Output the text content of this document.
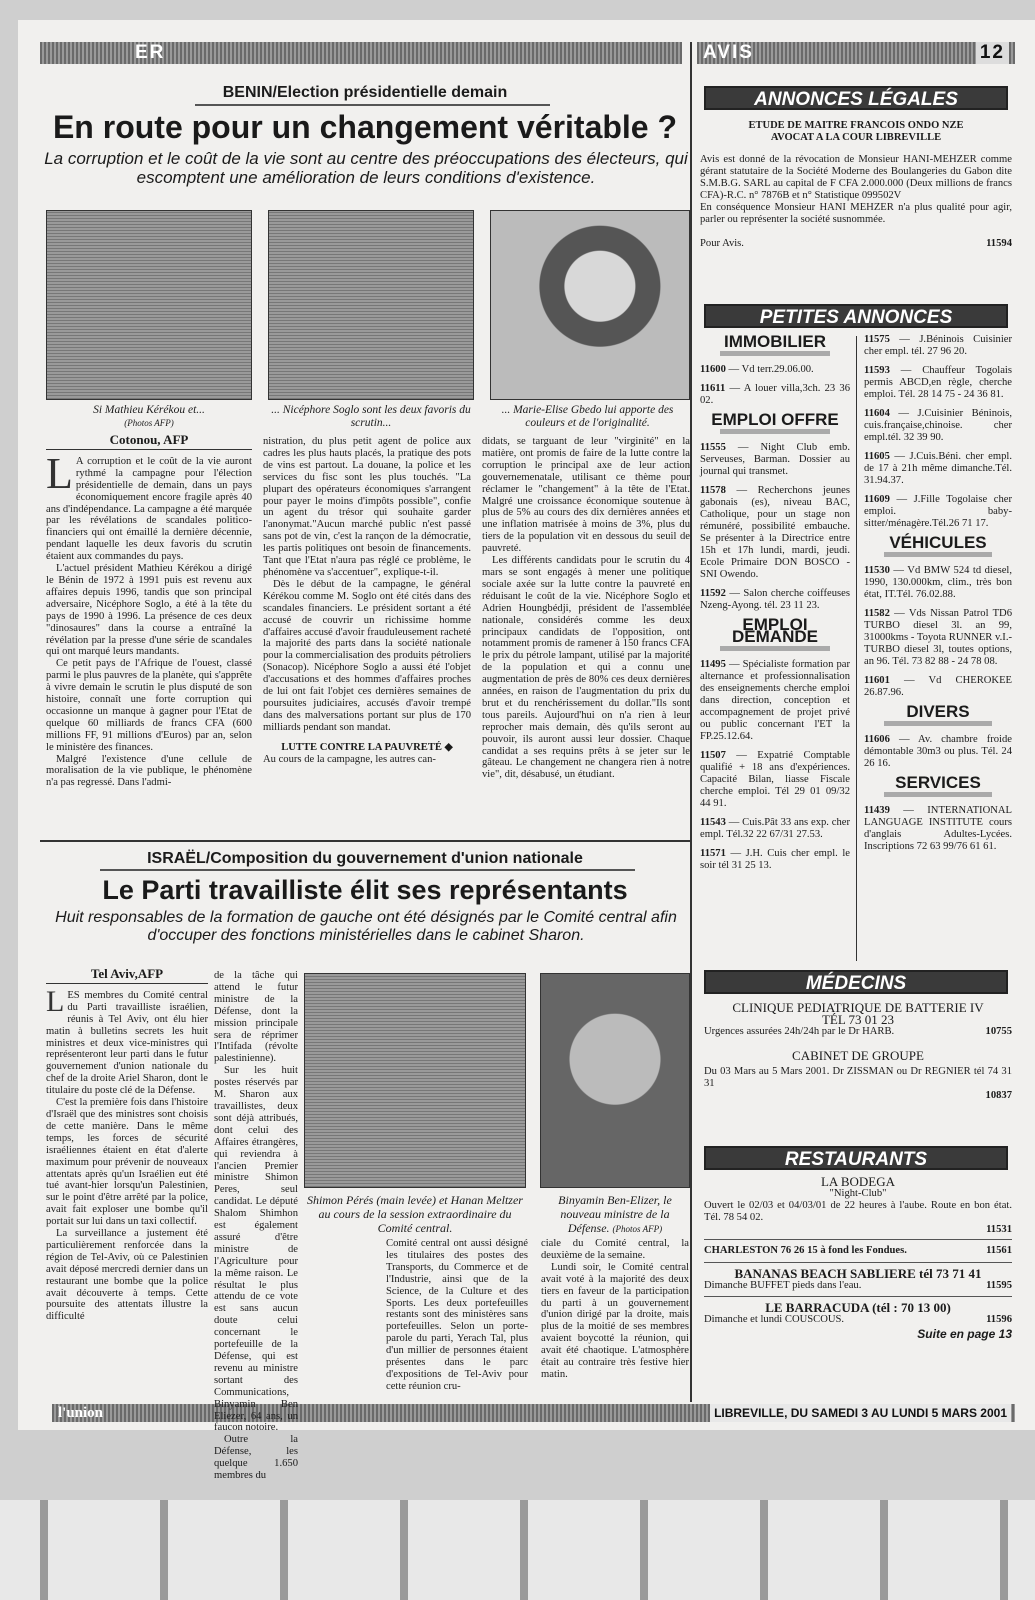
ER	AVIS	12
BENIN/Election présidentielle demain
En route pour un changement véritable ?
La corruption et le coût de la vie sont au centre des préoccupations des électeurs, qui escomptent une amélioration de leurs conditions d'existence.
Si Mathieu Kérékou et...
(Photos AFP)
... Nicéphore Soglo sont les deux favoris du scrutin...
... Marie-Elise Gbedo lui apporte des couleurs et de l'originalité.
Cotonou, AFP
L A corruption et le coût de la vie auront rythmé la campagne pour l'élection présidentielle de demain, dans un pays économiquement encore fragile après 40 ans d'indépendance. La campagne a été marquée par les révélations de scandales politico-financiers qui ont émaillé la dernière décennie, pendant laquelle les deux favoris du scrutin étaient aux commandes du pays.

L'actuel président Mathieu Kérékou a dirigé le Bénin de 1972 à 1991 puis est revenu aux affaires depuis 1996, tandis que son principal adversaire, Nicéphore Soglo, a été à la tête du pays de 1990 à 1996. La présence de ces deux "dinosaures" dans la course a entraîné la révélation par la presse d'une série de scandales qui ont marqué leurs mandants.

Ce petit pays de l'Afrique de l'ouest, classé parmi le plus pauvres de la planète, qui s'apprête à vivre demain le scrutin le plus disputé de son histoire, connaît une forte corruption qui occasionne un manque à gagner pour l'Etat de quelque 60 milliards de francs CFA (600 millions FF, 91 millions d'Euros) par an, selon le ministère des finances.

Malgré l'existence d'une cellule de moralisation de la vie publique, le phénomène n'a pas regressé. Dans l'admi-

nistration, du plus petit agent de police aux cadres les plus hauts placés, la pratique des pots de vins est partout. La douane, la police et les services du fisc sont les plus touchés. "La plupart des opérateurs économiques s'arrangent pour payer le moins d'impôts possible", confie un agent du trésor qui souhaite garder l'anonymat."Aucun marché public n'est passé sans pot de vin, c'est la rançon de la démocratie, les partis politiques ont besoin de financements. Tant que l'Etat n'aura pas réglé ce problème, le phénomène va s'accentuer", explique-t-il.

Dès le début de la campagne, le général Kérékou comme M. Soglo ont été cités dans des scandales financiers. Le président sortant a été accusé de couvrir un richissime homme d'affaires accusé d'avoir frauduleusement racheté la majorité des parts dans la société nationale pour la commercialisation des produits pétroliers (Sonacop). Nicéphore Soglo a aussi été l'objet d'accusations et des hommes d'affaires proches de lui ont fait l'objet ces dernières semaines de poursuites judiciaires, accusés d'avoir trempé dans des malversations portant sur plus de 170 milliards pendant son mandat.

LUTTE CONTRE LA PAUVRETÉ ◆

Au cours de la campagne, les autres can-

didats, se targuant de leur "virginité" en la matière, ont promis de faire de la lutte contre la corruption le principal axe de leur action gouvernemenatale, utilisant ce thème pour réclamer le "changement" à la tête de l'Etat. Malgré une croissance économique soutenue à plus de 5% au cours des dix dernières années et une inflation matrisée à moins de 3%, plus du tiers de la population vit en dessous du seuil de pauvreté.

Les différents candidats pour le scrutin du 4 mars se sont engagés à mener une politique sociale axée sur la lutte contre la pauvreté en réduisant le coût de la vie. Nicéphore Soglo et Adrien Houngbédji, président de l'assemblée nationale, considérés comme les deux principaux candidats de l'opposition, ont notamment promis de ramener à 150 francs CFA le prix du pétrole lampant, utilisé par la majorité de la population et qui a connu une augmentation de près de 80% ces deux dernières années, en raison de l'augmentation du prix du brut et du renchérissement du dollar."Ils sont tous pareils. Aujourd'hui on n'a rien à leur reprocher mais demain, dès qu'ils seront au pouvoir, ils auront aussi leur dossier. Chaque candidat a ses requins prêts à se jeter sur le gâteau. Le changement ne changera rien à notre vie", dit, désabusé, un étudiant.

ISRAËL/Composition du gouvernement d'union nationale
Le Parti travailliste élit ses représentants
Huit responsables de la formation de gauche ont été désignés par le Comité central afin d'occuper des fonctions ministérielles dans le cabinet Sharon.
Tel Aviv,AFP
L ES membres du Comité central du Parti travailliste israélien, réunis à Tel Aviv, ont élu hier matin à bulletins secrets les huit ministres et deux vice-ministres qui représenteront leur parti dans le futur gouvernement d'union nationale du chef de la droite Ariel Sharon, dont le titulaire du poste clé de la Défense.

C'est la première fois dans l'histoire d'Israël que des ministres sont choisis de cette manière. Dans le même temps, les forces de sécurité israéliennes étaient en état d'alerte maximum pour prévenir de nouveaux attentats après qu'un Israélien eut été tué avant-hier lorsqu'un Palestinien, sur le point d'être arrêté par la police, avait fait exploser une bombe qu'il portait sur lui dans un taxi collectif.

La surveillance a justement été particulièrement renforcée dans la région de Tel-Aviv, où ce Palestinien avait déposé mercredi dernier dans un restaurant une bombe que la police avait découverte à temps. Cette poursuite des attentats illustre la difficulté

de la tâche qui attend le futur ministre de la Défense, dont la mission principale sera de réprimer l'Intifada (révolte palestinienne).

Sur les huit postes réservés par M. Sharon aux travaillistes, deux sont déjà attribués, dont celui des Affaires étrangères, qui reviendra à l'ancien Premier ministre Shimon Peres, seul candidat. Le député Shalom Shimhon est également assuré d'être ministre de l'Agriculture pour la même raison. Le résultat le plus attendu de ce vote est sans aucun doute celui concernant le portefeuille de la Défense, qui est revenu au ministre sortant des Communications, Binyamin Ben Eliezer, 64 ans, un faucon notoire.

Outre la Défense, les quelque 1.650 membres du

Shimon Pérés (main levée) et Hanan Meltzer au cours de la session extraordinaire du Comité central.
Binyamin Ben-Elizer, le nouveau ministre de la Défense. (Photos AFP)

Comité central ont aussi désigné les titulaires des postes des Transports, du Commerce et de l'Industrie, ainsi que de la Science, de la Culture et des Sports. Les deux portefeuilles restants sont des ministères sans portefeuilles. Selon un porte-parole du parti, Yerach Tal, plus d'un millier de personnes étaient présentes dans le parc d'expositions de Tel-Aviv pour cette réunion cru-

ciale du Comité central, la deuxième de la semaine.

Lundi soir, le Comité central avait voté à la majorité des deux tiers en faveur de la participation du parti à un gouvernement d'union dirigé par la droite, mais plus de la moitié de ses membres avaient boycotté la réunion, qui avait été chaotique. L'atmosphère était au contraire très festive hier matin.

ANNONCES LÉGALES
ETUDE DE MAITRE FRANCOIS ONDO NZE
AVOCAT A LA COUR LIBREVILLE
Avis est donné de la révocation de Monsieur HANI-MEHZER comme gérant statutaire de la Société Moderne des Boulangeries du Gabon dite S.M.B.G. SARL au capital de F CFA 2.000.000 (Deux millions de francs CFA)-R.C. n° 7876B et n° Statistique 099502V
En conséquence Monsieur HANI MEHZER n'a plus qualité pour agir, parler ou représenter la société susnommée.
Pour Avis.	11594
PETITES ANNONCES
IMMOBILIER
11600 — Vd terr.29.06.00.
11611 — A louer villa,3ch. 23 36 02.
EMPLOI OFFRE
11555 — Night Club emb. Serveuses, Barman. Dossier au journal qui transmet.
11578 — Recherchons jeunes gabonais (es), niveau BAC, Catholique, pour un stage non rémunéré, possibilité embauche. Se présenter à la Directrice entre 15h et 17h lundi, mardi, jeudi. Ecole Primaire DON BOSCO -SNI Owendo.
11592 — Salon cherche coiffeuses Nzeng-Ayong. tél. 23 11 23.
EMPLOI DEMANDE
11495 — Spécialiste formation par alternance et professionnalisation des enseignements cherche emploi dans direction, conception et accompagnement de projet privé ou public concernant l'ET la FP.25.12.64.
11507 — Expatrié Comptable qualifié + 18 ans d'expériences. Capacité Bilan, liasse Fiscale cherche emploi. Tél 29 01 09/32 44 91.
11543 — Cuis.Pât 33 ans exp. cher empl. Tél.32 22 67/31 27.53.
11571 — J.H. Cuis cher empl. le soir tél 31 25 13.
11575 — J.Béninois Cuisinier cher empl. tél. 27 96 20.
11593 — Chauffeur Togolais permis ABCD,en règle, cherche emploi. Tél. 28 14 75 - 24 36 81.
11604 — J.Cuisinier Béninois, cuis.française,chinoise. cher empl.tél. 32 39 90.
11605 — J.Cuis.Béni. cher empl. de 17 à 21h même dimanche.Tél. 31.94.37.
11609 — J.Fille Togolaise cher emploi. baby-sitter/ménagère.Tél.26 71 17.
VÉHICULES
11530 — Vd BMW 524 td diesel, 1990, 130.000km, clim., très bon état, IT.Tél. 76.02.88.
11582 — Vds Nissan Patrol TD6 TURBO diesel 3l. an 99, 31000kms - Toyota RUNNER v.I.- TURBO diesel 3l, toutes options, an 96. Tél. 73 82 88 - 24 78 08.
11601 — Vd CHEROKEE 26.87.96.
DIVERS
11606 — Av. chambre froide démontable 30m3 ou plus. Tél. 24 26 16.
SERVICES
11439 — INTERNATIONAL LANGUAGE INSTITUTE cours d'anglais Adultes-Lycées. Inscriptions 72 63 99/76 61 61.
MÉDECINS
CLINIQUE PEDIATRIQUE DE BATTERIE IV
TÉL 73 01 23
Urgences assurées 24h/24h par le Dr HARB.	10755
CABINET DE GROUPE
Du 03 Mars au 5 Mars 2001. Dr ZISSMAN ou Dr REGNIER tél 74 31 31
10837
RESTAURANTS
LA BODEGA
"Night-Club"
Ouvert le 02/03 et 04/03/01 de 22 heures à l'aube. Route en bon état. Tél. 78 54 02.
11531
CHARLESTON 76 26 15 à fond les Fondues.	11561
BANANAS BEACH SABLIERE tél 73 71 41
Dimanche BUFFET pieds dans l'eau.	11595
LE BARRACUDA (tél : 70 13 00)
Dimanche et lundi COUSCOUS.	11596
Suite en page 13
l'union	LIBREVILLE, DU SAMEDI 3 AU LUNDI 5 MARS 2001
